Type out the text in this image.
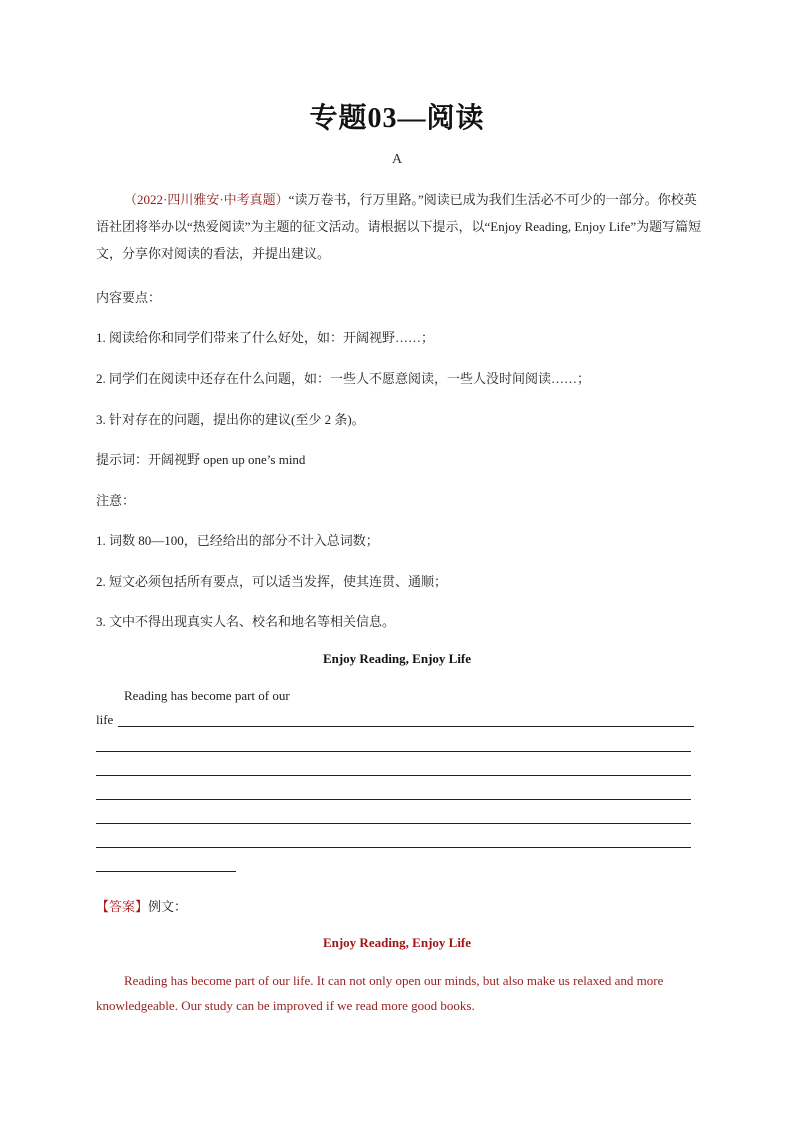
专题03—阅读
A
（2022·四川雅安·中考真题）“读万卷书，行万里路。”阅读已成为我们生活必不可少的一部分。你校英语社团将举办以“热爱阅读”为主题的征文活动。请根据以下提示，以“Enjoy Reading, Enjoy Life”为题写篇短文，分享你对阅读的看法，并提出建议。
内容要点：
1. 阅读给你和同学们带来了什么好处，如：开阔视野……；
2. 同学们在阅读中还存在什么问题，如：一些人不愿意阅读，一些人没时间阅读……；
3. 针对存在的问题，提出你的建议(至少 2 条)。
提示词：开阔视野 open up one’s mind
注意：
1. 词数 80—100，已经给出的部分不计入总词数；
2. 短文必须包括所有要点，可以适当发挥，使其连贯、通顺；
3. 文中不得出现真实人名、校名和地名等相关信息。
Enjoy Reading, Enjoy Life
Reading has become part of our
life
【答案】例文：
Enjoy Reading, Enjoy Life
Reading has become part of our life. It can not only open our minds, but also make us relaxed and more knowledgeable. Our study can be improved if we read more good books.
